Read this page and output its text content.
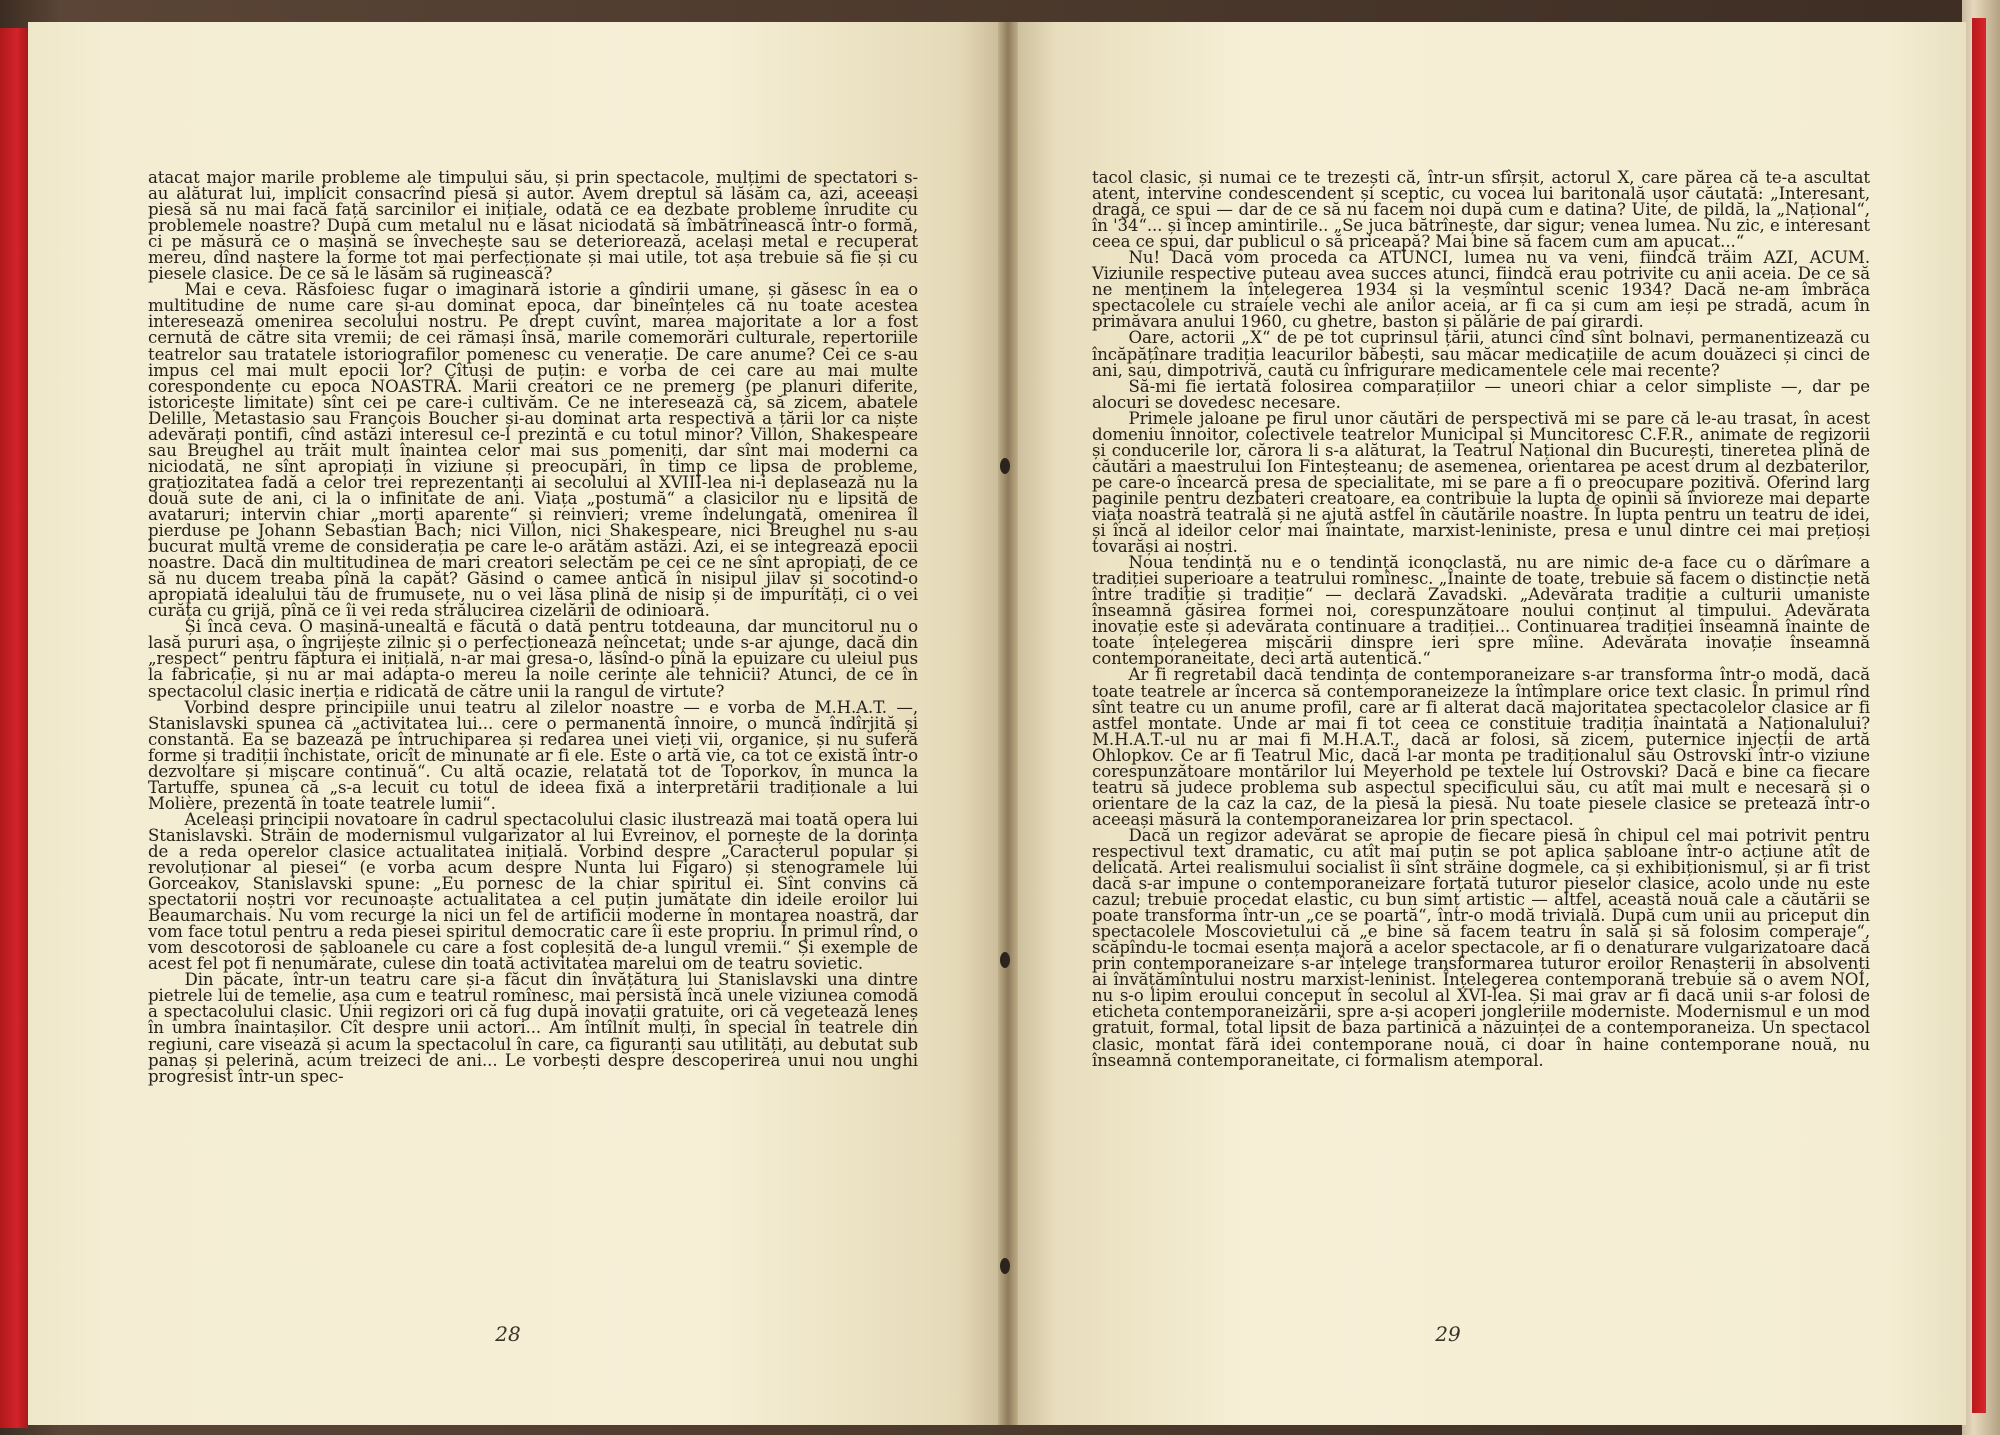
atacat major marile probleme ale timpului său, și prin spectacole, mulțimi de spectatori s-au alăturat lui, implicit consacrînd piesă și autor. Avem dreptul să lăsăm ca, azi, aceeași piesă să nu mai facă față sarcinilor ei inițiale, odată ce ea dezbate probleme înrudite cu problemele noastre? După cum metalul nu e lăsat niciodată să îmbătrînească într-o formă, ci pe măsură ce o mașină se învechește sau se deteriorează, același metal e recuperat mereu, dînd naștere la forme tot mai perfecționate și mai utile, tot așa trebuie să fie și cu piesele clasice. De ce să le lăsăm să ruginească?

Mai e ceva. Răsfoiesc fugar o imaginară istorie a gîndirii umane, și găsesc în ea o multitudine de nume care și-au dominat epoca, dar bineînțeles că nu toate acestea interesează omenirea secolului nostru. Pe drept cuvînt, marea majoritate a lor a fost cernută de către sita vremii; de cei rămași însă, marile comemorări culturale, repertoriile teatrelor sau tratatele istoriografilor pomenesc cu venerație. De care anume? Cei ce s-au impus cel mai mult epocii lor? Cîtuși de puțin: e vorba de cei care au mai multe corespondențe cu epoca NOASTRĂ. Marii creatori ce ne premerg (pe planuri diferite, istoricește limitate) sînt cei pe care-i cultivăm. Ce ne interesează că, să zicem, abatele Delille, Metastasio sau François Boucher și-au dominat arta respectivă a țării lor ca niște adevărați pontifi, cînd astăzi interesul ce-l prezintă e cu totul minor? Villon, Shakespeare sau Breughel au trăit mult înaintea celor mai sus pomeniți, dar sînt mai moderni ca niciodată, ne sînt apropiați în viziune și preocupări, în timp ce lipsa de probleme, grațiozitatea fadă a celor trei reprezentanți ai secolului al XVIII-lea ni-i deplasează nu la două sute de ani, ci la o infinitate de ani. Viața „postumă“ a clasicilor nu e lipsită de avataruri; intervin chiar „morți aparente“ și reinvieri; vreme îndelungată, omenirea îl pierduse pe Johann Sebastian Bach; nici Villon, nici Shakespeare, nici Breughel nu s-au bucurat multă vreme de considerația pe care le-o arătăm astăzi. Azi, ei se integrează epocii noastre. Dacă din multitudinea de mari creatori selectăm pe cei ce ne sînt apropiați, de ce să nu ducem treaba pînă la capăt? Găsind o camee antică în nisipul jilav și socotind-o apropiată idealului tău de frumusețe, nu o vei lăsa plină de nisip și de impurități, ci o vei curăța cu grijă, pînă ce îi vei reda strălucirea cizelării de odinioară.

Și încă ceva. O mașină-unealtă e făcută o dată pentru totdeauna, dar muncitorul nu o lasă pururi așa, o îngrijește zilnic și o perfecționează neîncetat; unde s-ar ajunge, dacă din „respect“ pentru făptura ei inițială, n-ar mai gresa-o, lăsînd-o pînă la epuizare cu uleiul pus la fabricație, și nu ar mai adapta-o mereu la noile cerințe ale tehnicii? Atunci, de ce în spectacolul clasic inerția e ridicată de către unii la rangul de virtute?

Vorbind despre principiile unui teatru al zilelor noastre — e vorba de M.H.A.T. —, Stanislavski spunea că „activitatea lui... cere o permanentă înnoire, o muncă îndîrjită și constantă. Ea se bazează pe întruchiparea și redarea unei vieți vii, organice, și nu suferă forme și tradiții închistate, oricît de minunate ar fi ele. Este o artă vie, ca tot ce există într-o dezvoltare și mișcare continuă“. Cu altă ocazie, relatată tot de Toporkov, în munca la Tartuffe, spunea că „s-a lecuit cu totul de ideea fixă a interpretării tradiționale a lui Molière, prezentă în toate teatrele lumii“.

Aceleași principii novatoare în cadrul spectacolului clasic ilustrează mai toată opera lui Stanislavski. Străin de modernismul vulgarizator al lui Evreinov, el pornește de la dorința de a reda operelor clasice actualitatea inițială. Vorbind despre „Caracterul popular și revoluționar al piesei“ (e vorba acum despre Nunta lui Figaro) și stenogramele lui Gorceakov, Stanislavski spune: „Eu pornesc de la chiar spiritul ei. Sînt convins că spectatorii noștri vor recunoaște actualitatea a cel puțin jumătate din ideile eroilor lui Beaumarchais. Nu vom recurge la nici un fel de artificii moderne în montarea noastră, dar vom face totul pentru a reda piesei spiritul democratic care îi este propriu. În primul rînd, o vom descotorosi de șabloanele cu care a fost copleșită de-a lungul vremii.“ Și exemple de acest fel pot fi nenumărate, culese din toată activitatea marelui om de teatru sovietic.

Din păcate, într-un teatru care și-a făcut din învățătura lui Stanislavski una dintre pietrele lui de temelie, așa cum e teatrul romînesc, mai persistă încă unele viziunea comodă a spectacolului clasic. Unii regizori ori că fug după inovații gratuite, ori că vegetează leneș în umbra înaintașilor. Cît despre unii actori... Am întîlnit mulți, în special în teatrele din regiuni, care visează și acum la spectacolul în care, ca figuranți sau utilități, au debutat sub panaș și pelerină, acum treizeci de ani... Le vorbești despre descoperirea unui nou unghi progresist într-un spec-

28

tacol clasic, și numai ce te trezești că, într-un sfîrșit, actorul X, care părea că te-a ascultat atent, intervine condescendent și sceptic, cu vocea lui baritonală ușor căutată: „Interesant, dragă, ce spui — dar de ce să nu facem noi după cum e datina? Uite, de pildă, la „Național“, în '34“... și încep amintirile.. „Se juca bătrînește, dar sigur; venea lumea. Nu zic, e interesant ceea ce spui, dar publicul o să priceapă? Mai bine să facem cum am apucat...“

Nu! Dacă vom proceda ca ATUNCI, lumea nu va veni, fiindcă trăim AZI, ACUM. Viziunile respective puteau avea succes atunci, fiindcă erau potrivite cu anii aceia. De ce să ne menținem la înțelegerea 1934 și la veșmîntul scenic 1934? Dacă ne-am îmbrăca spectacolele cu straiele vechi ale anilor aceia, ar fi ca și cum am ieși pe stradă, acum în primăvara anului 1960, cu ghetre, baston și pălărie de pai girardi.

Oare, actorii „X“ de pe tot cuprinsul țării, atunci cînd sînt bolnavi, permanentizează cu încăpățînare tradiția leacurilor băbești, sau măcar medicațiile de acum douăzeci și cinci de ani, sau, dimpotrivă, caută cu înfrigurare medicamentele cele mai recente?

Să-mi fie iertată folosirea comparațiilor — uneori chiar a celor simpliste —, dar pe alocuri se dovedesc necesare.

Primele jaloane pe firul unor căutări de perspectivă mi se pare că le-au trasat, în acest domeniu înnoitor, colectivele teatrelor Municipal și Muncitoresc C.F.R., animate de regizorii și conducerile lor, cărora li s-a alăturat, la Teatrul Național din București, tineretea plină de căutări a maestrului Ion Finteșteanu; de asemenea, orientarea pe acest drum al dezbaterilor, pe care-o încearcă presa de specialitate, mi se pare a fi o preocupare pozitivă. Oferind larg paginile pentru dezbateri creatoare, ea contribuie la lupta de opinii să învioreze mai departe viața noastră teatrală și ne ajută astfel în căutările noastre. În lupta pentru un teatru de idei, și încă al ideilor celor mai înaintate, marxist-leniniste, presa e unul dintre cei mai prețioși tovarăși ai noștri.

Noua tendință nu e o tendință iconoclastă, nu are nimic de-a face cu o dărîmare a tradiției superioare a teatrului romînesc. „Înainte de toate, trebuie să facem o distincție netă între tradiție și tradiție“ — declară Zavadski. „Adevărata tradiție a culturii umaniste înseamnă găsirea formei noi, corespunzătoare noului conținut al timpului. Adevărata inovație este și adevărata continuare a tradiției... Continuarea tradiției înseamnă înainte de toate înțelegerea mișcării dinspre ieri spre mîine. Adevărata inovație înseamnă contemporaneitate, deci artă autentică.“

Ar fi regretabil dacă tendința de contemporaneizare s-ar transforma într-o modă, dacă toate teatrele ar încerca să contemporaneizeze la întîmplare orice text clasic. În primul rînd sînt teatre cu un anume profil, care ar fi alterat dacă majoritatea spectacolelor clasice ar fi astfel montate. Unde ar mai fi tot ceea ce constituie tradiția înaintată a Naționalului? M.H.A.T.-ul nu ar mai fi M.H.A.T., dacă ar folosi, să zicem, puternice injecții de artă Ohlopkov. Ce ar fi Teatrul Mic, dacă l-ar monta pe tradiționalul său Ostrovski într-o viziune corespunzătoare montărilor lui Meyerhold pe textele lui Ostrovski? Dacă e bine ca fiecare teatru să judece problema sub aspectul specificului său, cu atît mai mult e necesară și o orientare de la caz la caz, de la piesă la piesă. Nu toate piesele clasice se pretează într-o aceeași măsură la contemporaneizarea lor prin spectacol.

Dacă un regizor adevărat se apropie de fiecare piesă în chipul cel mai potrivit pentru respectivul text dramatic, cu atît mai puțin se pot aplica șabloane într-o acțiune atît de delicată. Artei realismului socialist îi sînt străine dogmele, ca și exhibiționismul, și ar fi trist dacă s-ar impune o contemporaneizare forțată tuturor pieselor clasice, acolo unde nu este cazul; trebuie procedat elastic, cu bun simț artistic — altfel, această nouă cale a căutării se poate transforma într-un „ce se poartă“, într-o modă trivială. După cum unii au priceput din spectacolele Moscovietului că „e bine să facem teatru în sală și să folosim comperaje“, scăpîndu-le tocmai esența majoră a acelor spectacole, ar fi o denaturare vulgarizatoare dacă prin contemporaneizare s-ar înțelege transformarea tuturor eroilor Renașterii în absolvenți ai învățămîntului nostru marxist-leninist. Înțelegerea contemporană trebuie să o avem NOI, nu s-o lipim eroului conceput în secolul al XVI-lea. Și mai grav ar fi dacă unii s-ar folosi de eticheta contemporaneizării, spre a-și acoperi jongleriile moderniste. Modernismul e un mod gratuit, formal, total lipsit de baza partinică a năzuinței de a contemporaneiza. Un spectacol clasic, montat fără idei contemporane nouă, ci doar în haine contemporane nouă, nu înseamnă contemporaneitate, ci formalism atemporal.

29
